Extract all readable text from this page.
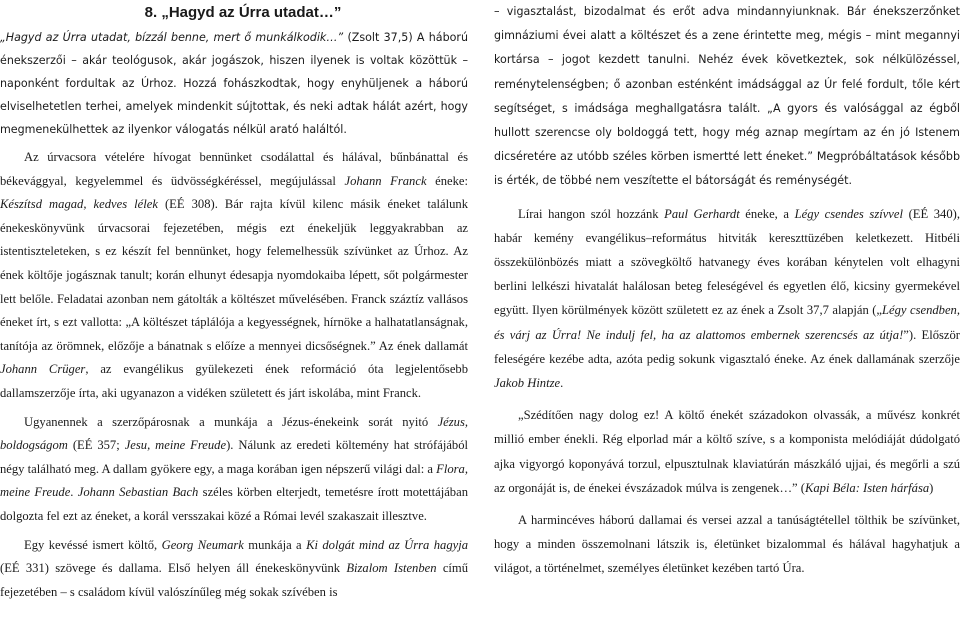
8. „Hagyd az Úrra utadat…”

„Hagyd az Úrra utadat, bízzál benne, mert ő munkálkodik…” (Zsolt 37,5) A háború énekszerzői – akár teológusok, akár jogászok, hiszen ilyenek is voltak közöttük – naponként fordultak az Úrhoz. Hozzá fohászkodtak, hogy enyhüljenek a háború elviselhetetlen terhei, amelyek mindenkit sújtottak, és neki adtak hálát azért, hogy megmenekülhettek az ilyenkor válogatás nélkül arató haláltól.

Az úrvacsora vételére hívogat bennünket csodálattal és hálával, bűnbánattal és békevággyal, kegyelemmel és üdvösségkéréssel, megújulással Johann Franck éneke: Készítsd magad, kedves lélek (EÉ 308). Bár rajta kívül kilenc másik éneket találunk énekeskönyvünk úrvacsorai fejezetében, mégis ezt énekeljük leggyakrabban az istentiszteleteken, s ez készít fel bennünket, hogy felemelhessük szívünket az Úrhoz. Az ének költője jogásznak tanult; korán elhunyt édesapja nyomdokaiba lépett, sőt polgármester lett belőle. Feladatai azonban nem gátolták a költészet művelésében. Franck száztíz vallásos éneket írt, s ezt vallotta: „A költészet táplálója a kegyességnek, hírnöke a halhatatlanságnak, tanítója az örömnek, előzője a bánatnak s előíze a mennyei dicsőségnek.” Az ének dallamát Johann Crüger, az evangélikus gyülekezeti ének reformáció óta legjelentősebb dallamszerzője írta, aki ugyanazon a vidéken született és járt iskolába, mint Franck.

Ugyanennek a szerzőpárosnak a munkája a Jézus-énekeink sorát nyitó Jézus, boldogságom (EÉ 357; Jesu, meine Freude). Nálunk az eredeti költemény hat strófájából négy található meg. A dallam gyökere egy, a maga korában igen népszerű világi dal: a Flora, meine Freude. Johann Sebastian Bach széles körben elterjedt, temetésre írott motettájában dolgozta fel ezt az éneket, a korál versszakai közé a Római levél szakaszait illesztve.

Egy kevéssé ismert költő, Georg Neumark munkája a Ki dolgát mind az Úrra hagyja (EÉ 331) szövege és dallama. Első helyen áll énekeskönyvünk Bizalom Istenben című fejezetében – s családom kívül valószínűleg még sokak szívében is

– vigasztalást, bizodalmat és erőt adva mindannyiunknak. Bár énekszerzőnket gimnáziumi évei alatt a költészet és a zene érintette meg, mégis – mint megannyi kortársa – jogot kezdett tanulni. Nehéz évek következtek, sok nélkülözéssel, reménytelenségben; ő azonban esténként imádsággal az Úr felé fordult, tőle kért segítséget, s imádsága meghallgatásra talált. „A gyors és valósággal az égből hullott szerencse oly boldoggá tett, hogy még aznap megírtam az én jó Istenem dicséretére az utóbb széles körben ismertté lett éneket.” Megpróbáltatások később is érték, de többé nem veszítette el bátorságát és reménységét.

Lírai hangon szól hozzánk Paul Gerhardt éneke, a Légy csendes szívvel (EÉ 340), habár kemény evangélikus–református hitviták kereszttüzében keletkezett. Hitbéli összekülönbözés miatt a szövegköltő hatvanegy éves korában kénytelen volt elhagyni berlini lelkészi hivatalát halálosan beteg feleségével és egyetlen élő, kicsiny gyermekével együtt. Ilyen körülmények között született ez az ének a Zsolt 37,7 alapján („Légy csendben, és várj az Úrra! Ne indulj fel, ha az alattomos embernek szerencsés az útja!”). Először feleségére kezébe adta, azóta pedig sokunk vigasztaló éneke. Az ének dallamának szerzője Jakob Hintze.

„Szédítően nagy dolog ez! A költő énekét századokon olvassák, a művész konkrét millió ember énekli. Rég elporlad már a költő szíve, s a komponista melódiáját dúdolgató ajka vigyorgó koponyává torzul, elpusztulnak klaviatúrán mászkáló ujjai, és megőrli a szú az orgonáját is, de énekei évszázadok múlva is zengenek…” (Kapi Béla: Isten hárfása)

A harmincéves háború dallamai és versei azzal a tanúságtétellel tölthik be szívünket, hogy a minden összemolnani látszik is, életünket bizalommal és hálával hagyhatjuk a világot, a történelmet, személyes életünket kezében tartó Úra.
